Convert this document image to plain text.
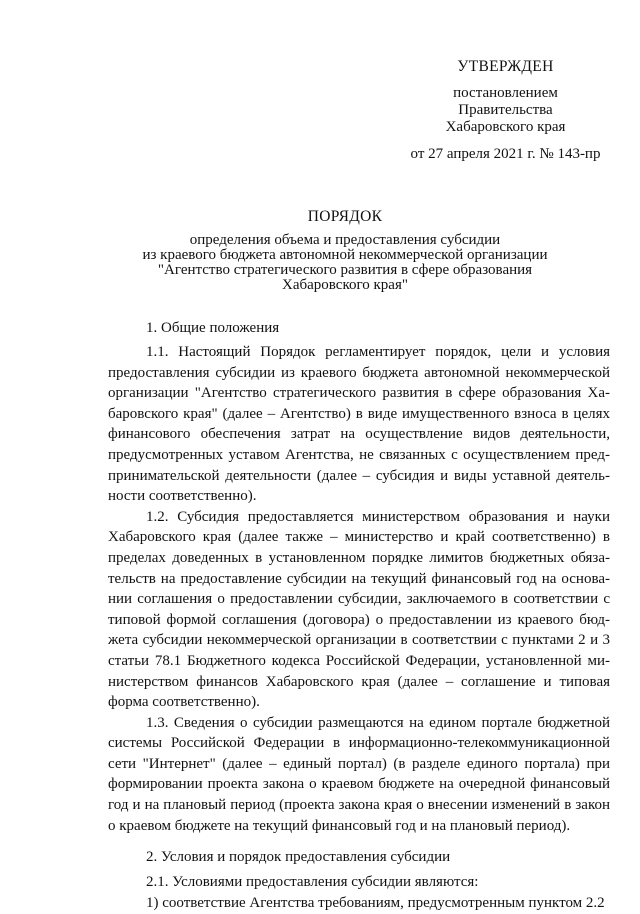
УТВЕРЖДЕН
постановлением
Правительства
Хабаровского края
от 27 апреля 2021 г. № 143-пр
ПОРЯДОК
определения объема и предоставления субсидии
из краевого бюджета автономной некоммерческой организации
"Агентство стратегического развития в сфере образования
Хабаровского края"
1. Общие положения
1.1. Настоящий Порядок регламентирует порядок, цели и условия
предоставления субсидии из краевого бюджета автономной некоммерческой
организации "Агентство стратегического развития в сфере образования Ха-
баровского края" (далее – Агентство) в виде имущественного взноса в целях
финансового обеспечения затрат на осуществление видов деятельности,
предусмотренных уставом Агентства, не связанных с осуществлением пред-
принимательской деятельности (далее – субсидия и виды уставной деятель-
ности соответственно).
1.2. Субсидия предоставляется министерством образования и науки
Хабаровского края (далее также – министерство и край соответственно) в
пределах доведенных в установленном порядке лимитов бюджетных обяза-
тельств на предоставление субсидии на текущий финансовый год на основа-
нии соглашения о предоставлении субсидии, заключаемого в соответствии с
типовой формой соглашения (договора) о предоставлении из краевого бюд-
жета субсидии некоммерческой организации в соответствии с пунктами 2 и 3
статьи 78.1 Бюджетного кодекса Российской Федерации, установленной ми-
нистерством финансов Хабаровского края (далее – соглашение и типовая
форма соответственно).
1.3. Сведения о субсидии размещаются на едином портале бюджетной
системы Российской Федерации в информационно-телекоммуникационной
сети "Интернет" (далее – единый портал) (в разделе единого портала) при
формировании проекта закона о краевом бюджете на очередной финансовый
год и на плановый период (проекта закона края о внесении изменений в закон
о краевом бюджете на текущий финансовый год и на плановый период).
2. Условия и порядок предоставления субсидии
2.1. Условиями предоставления субсидии являются:
1) соответствие Агентства требованиям, предусмотренным пунктом 2.2
